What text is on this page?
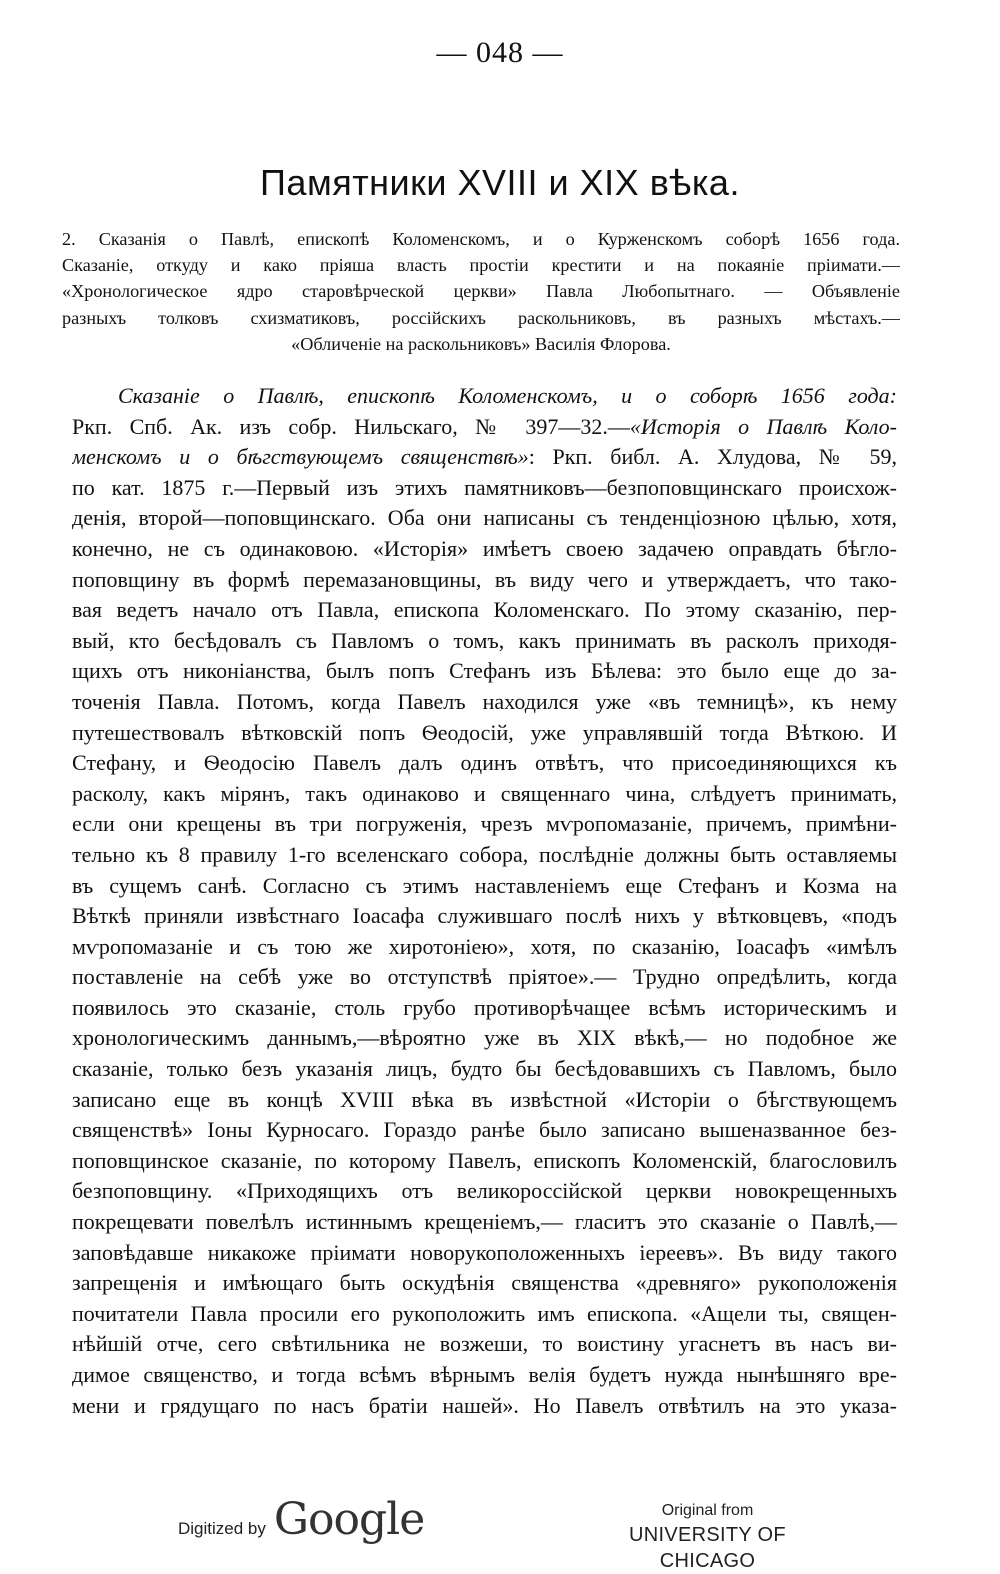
— 048 —
Памятники XVIII и XIX вѣка.
2. Сказанія о Павлѣ, епископѣ Коломенскомъ, и о Курженскомъ соборѣ 1656 года.
Сказаніе, откуду и како пріяша власть простіи крестити и на покаяніе пріимати.—
«Хронологическое ядро старовѣрческой церкви» Павла Любопытнаго. — Объявленіе
разныхъ толковъ схизматиковъ, россійскихъ раскольниковъ, въ разныхъ мѣстахъ.—
«Обличеніе на раскольниковъ» Василія Флорова.
Сказаніе о Павлѣ, епископѣ Коломенскомъ, и о соборѣ 1656 года:
Ркп. Спб. Ак. изъ собр. Нильскаго, № 397—32.—«Исторія о Павлѣ Коло-
менскомъ и о бѣгствующемъ священствѣ»: Ркп. библ. А. Хлудова, № 59,
по кат. 1875 г.—Первый изъ этихъ памятниковъ—безпоповщинскаго происхож-
денія, второй—поповщинскаго. Оба они написаны съ тенденціозною цѣлью, хотя,
конечно, не съ одинаковою. «Исторія» имѣетъ своею задачею оправдать бѣгло-
поповщину въ формѣ перемазановщины, въ виду чего и утверждаетъ, что тако-
вая ведетъ начало отъ Павла, епископа Коломенскаго. По этому сказанію, пер-
вый, кто бесѣдовалъ съ Павломъ о томъ, какъ принимать въ расколъ приходя-
щихъ отъ никоніанства, былъ попъ Стефанъ изъ Бѣлева: это было еще до за-
точенія Павла. Потомъ, когда Павелъ находился уже «въ темницѣ», къ нему
путешествовалъ вѣтковскій попъ Ѳеодосій, уже управлявшій тогда Вѣткою. И
Стефану, и Ѳеодосію Павелъ далъ одинъ отвѣтъ, что присоединяющихся къ
расколу, какъ мірянъ, такъ одинаково и священнаго чина, слѣдуетъ принимать,
если они крещены въ три погруженія, чрезъ мѵропомазаніе, причемъ, примѣни-
тельно къ 8 правилу 1-го вселенскаго собора, послѣдніе должны быть оставляемы
въ сущемъ санѣ. Согласно съ этимъ наставленіемъ еще Стефанъ и Козма на
Вѣткѣ приняли извѣстнаго Іоасафа служившаго послѣ нихъ у вѣтковцевъ, «подъ
мѵропомазаніе и съ тою же хиротоніею», хотя, по сказанію, Іоасафъ «имѣлъ
поставленіе на себѣ уже во отступствѣ пріятое».— Трудно опредѣлить, когда
появилось это сказаніе, столь грубо противорѣчащее всѣмъ историческимъ и
хронологическимъ даннымъ,—вѣроятно уже въ XIX вѣкѣ,— но подобное же
сказаніе, только безъ указанія лицъ, будто бы бесѣдовавшихъ съ Павломъ, было
записано еще въ концѣ XVIII вѣка въ извѣстной «Исторіи о бѣгствующемъ
священствѣ» Іоны Курносаго. Гораздо ранѣе было записано вышеназванное без-
поповщинское сказаніе, по которому Павелъ, епископъ Коломенскій, благословилъ
безпоповщину. «Приходящихъ отъ великороссійской церкви новокрещенныхъ
покрещевати повелѣлъ истиннымъ крещеніемъ,— гласитъ это сказаніе о Павлѣ,—
заповѣдавше никакоже пріимати новорукоположенныхъ іереевъ». Въ виду такого
запрещенія и имѣющаго быть оскудѣнія священства «древняго» рукоположенія
почитатели Павла просили его рукоположить имъ епископа. «Ащели ты, священ-
нѣйшій отче, сего свѣтильника не возжеши, то воистину угаснетъ въ насъ ви-
димое священство, и тогда всѣмъ вѣрнымъ велія будетъ нужда нынѣшняго вре-
мени и грядущаго по насъ братіи нашей». Но Павелъ отвѣтилъ на это указа-
Digitized by Google	Original from
UNIVERSITY OF CHICAGO
